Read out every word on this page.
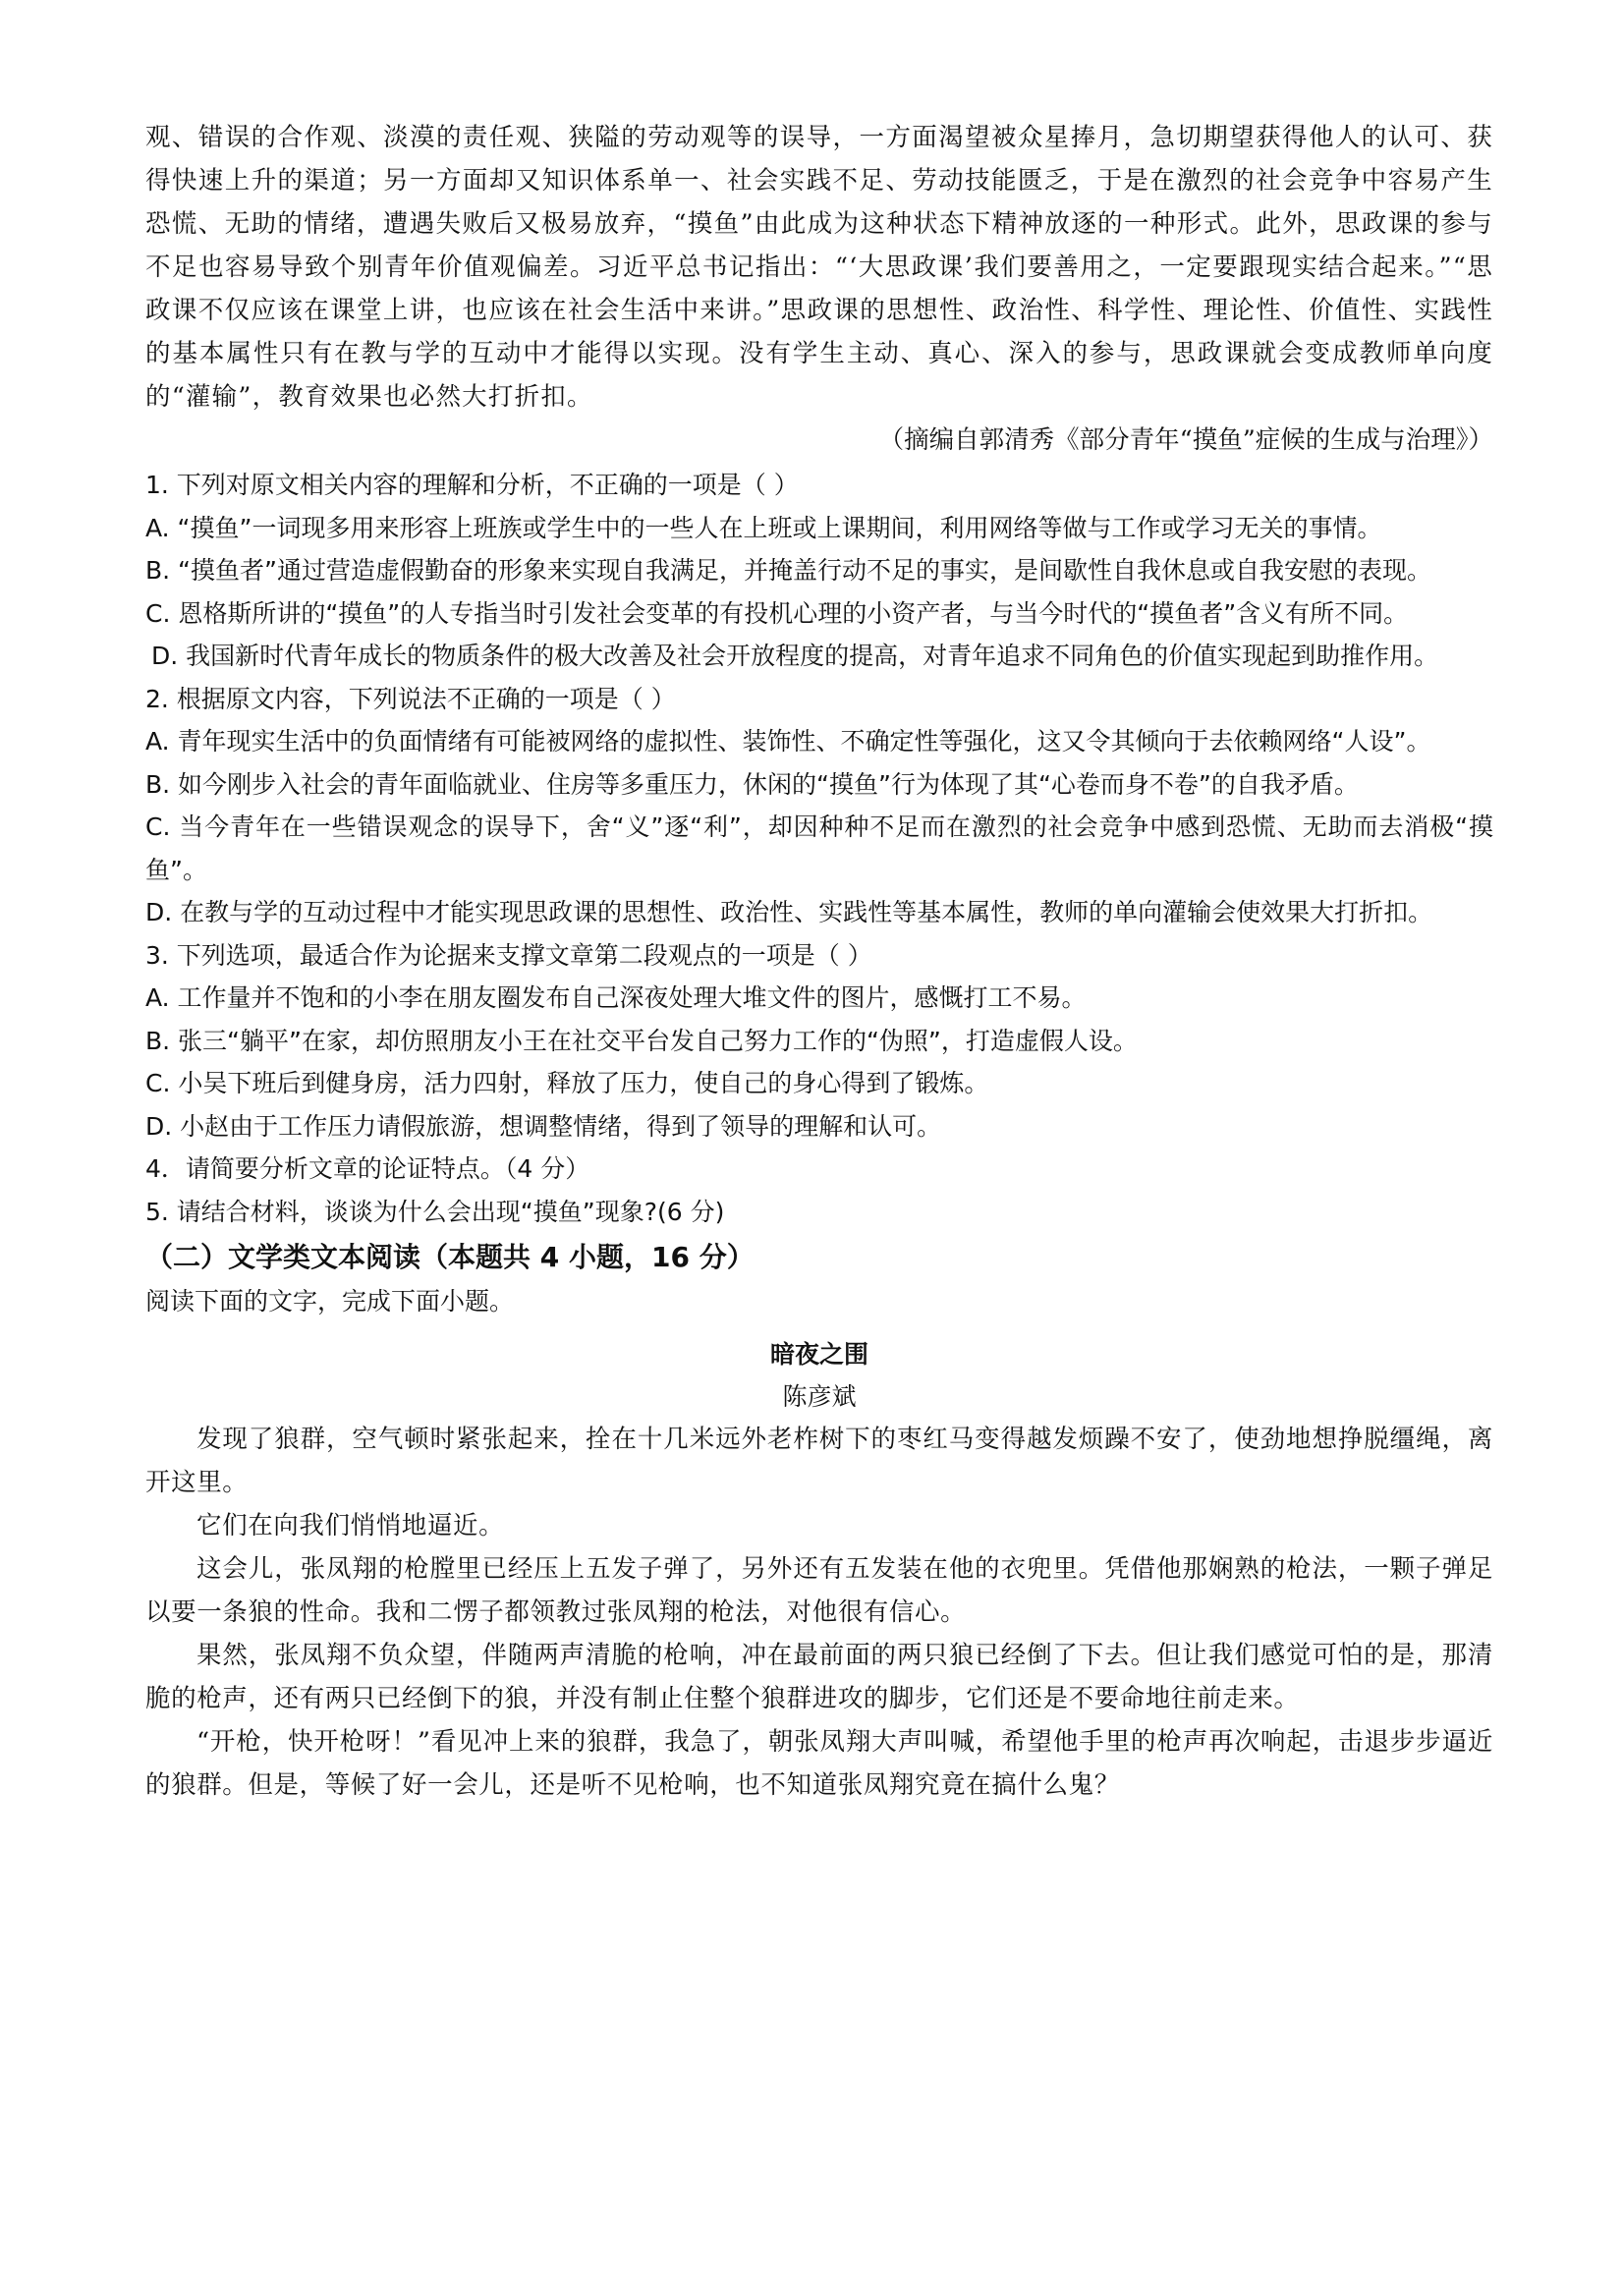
观、错误的合作观、淡漠的责任观、狭隘的劳动观等的误导，一方面渴望被众星捧月，急切期望获得他人的认可、获得快速上升的渠道；另一方面却又知识体系单一、社会实践不足、劳动技能匮乏，于是在激烈的社会竞争中容易产生恐慌、无助的情绪，遭遇失败后又极易放弃，“摸鱼”由此成为这种状态下精神放逐的一种形式。此外，思政课的参与不足也容易导致个别青年价值观偏差。习近平总书记指出：“‘大思政课’我们要善用之，一定要跟现实结合起来。”“思政课不仅应该在课堂上讲，也应该在社会生活中来讲。”思政课的思想性、政治性、科学性、理论性、价值性、实践性的基本属性只有在教与学的互动中才能得以实现。没有学生主动、真心、深入的参与，思政课就会变成教师单向度的“灌输”，教育效果也必然大打折扣。

（摘编自郭清秀《部分青年“摸鱼”症候的生成与治理》）

1. 下列对原文相关内容的理解和分析，不正确的一项是（ ）

A. “摸鱼”一词现多用来形容上班族或学生中的一些人在上班或上课期间，利用网络等做与工作或学习无关的事情。

B. “摸鱼者”通过营造虚假勤奋的形象来实现自我满足，并掩盖行动不足的事实，是间歇性自我休息或自我安慰的表现。

C. 恩格斯所讲的“摸鱼”的人专指当时引发社会变革的有投机心理的小资产者，与当今时代的“摸鱼者”含义有所不同。

D. 我国新时代青年成长的物质条件的极大改善及社会开放程度的提高，对青年追求不同角色的价值实现起到助推作用。

2. 根据原文内容，下列说法不正确的一项是（ ）

A. 青年现实生活中的负面情绪有可能被网络的虚拟性、装饰性、不确定性等强化，这又令其倾向于去依赖网络“人设”。

B. 如今刚步入社会的青年面临就业、住房等多重压力，休闲的“摸鱼”行为体现了其“心卷而身不卷”的自我矛盾。

C. 当今青年在一些错误观念的误导下，舍“义”逐“利”，却因种种不足而在激烈的社会竞争中感到恐慌、无助而去消极“摸鱼”。

D. 在教与学的互动过程中才能实现思政课的思想性、政治性、实践性等基本属性，教师的单向灌输会使效果大打折扣。

3. 下列选项，最适合作为论据来支撑文章第二段观点的一项是（ ）

A. 工作量并不饱和的小李在朋友圈发布自己深夜处理大堆文件的图片，感慨打工不易。

B. 张三“躺平”在家，却仿照朋友小王在社交平台发自己努力工作的“伪照”，打造虚假人设。

C. 小吴下班后到健身房，活力四射，释放了压力，使自己的身心得到了锻炼。

D. 小赵由于工作压力请假旅游，想调整情绪，得到了领导的理解和认可。

4．请简要分析文章的论证特点。（4 分）

5. 请结合材料，谈谈为什么会出现“摸鱼”现象?(6 分)

（二）文学类文本阅读（本题共 4 小题，16 分）

阅读下面的文字，完成下面小题。

暗夜之围

陈彦斌

发现了狼群，空气顿时紧张起来，拴在十几米远外老柞树下的枣红马变得越发烦躁不安了，使劲地想挣脱缰绳，离开这里。

它们在向我们悄悄地逼近。

这会儿，张凤翔的枪膛里已经压上五发子弹了，另外还有五发装在他的衣兜里。凭借他那娴熟的枪法，一颗子弹足以要一条狼的性命。我和二愣子都领教过张凤翔的枪法，对他很有信心。

果然，张凤翔不负众望，伴随两声清脆的枪响，冲在最前面的两只狼已经倒了下去。但让我们感觉可怕的是，那清脆的枪声，还有两只已经倒下的狼，并没有制止住整个狼群进攻的脚步，它们还是不要命地往前走来。

“开枪，快开枪呀！”看见冲上来的狼群，我急了，朝张凤翔大声叫喊，希望他手里的枪声再次响起，击退步步逼近的狼群。但是，等候了好一会儿，还是听不见枪响，也不知道张凤翔究竟在搞什么鬼？
